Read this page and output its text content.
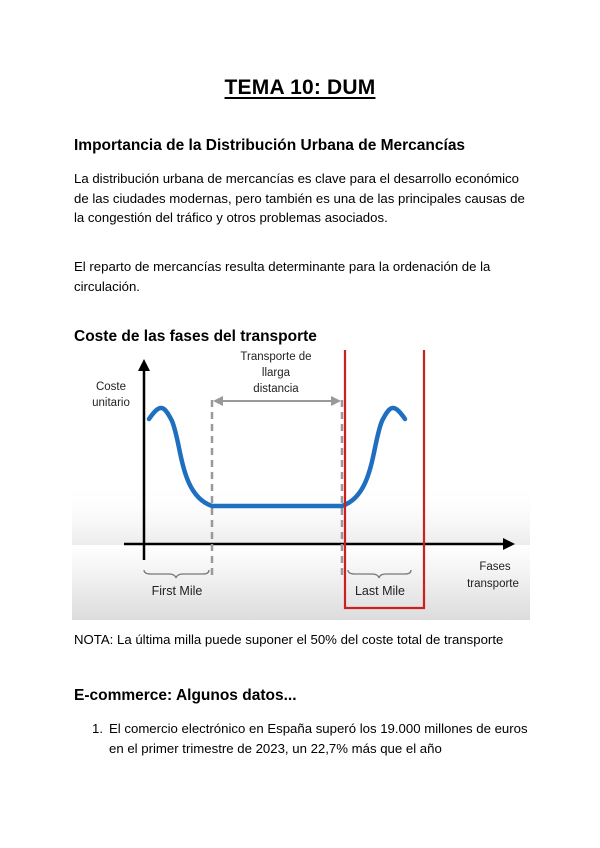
TEMA 10: DUM
Importancia de la Distribución Urbana de Mercancías
La distribución urbana de mercancías es clave para el desarrollo económico de las ciudades modernas, pero también es una de las principales causas de la congestión del tráfico y otros problemas asociados.
El reparto de mercancías resulta determinante para la ordenación de la circulación.
Coste de las fases del transporte
Coste
unitario
Transporte de
llarga
distancia
Fases
transporte
First Mile	Last Mile
NOTA: La última milla puede suponer el 50% del coste total de transporte
E-commerce: Algunos datos...
1. El comercio electrónico en España superó los 19.000 millones de euros en el primer trimestre de 2023, un 22,7% más que el año
